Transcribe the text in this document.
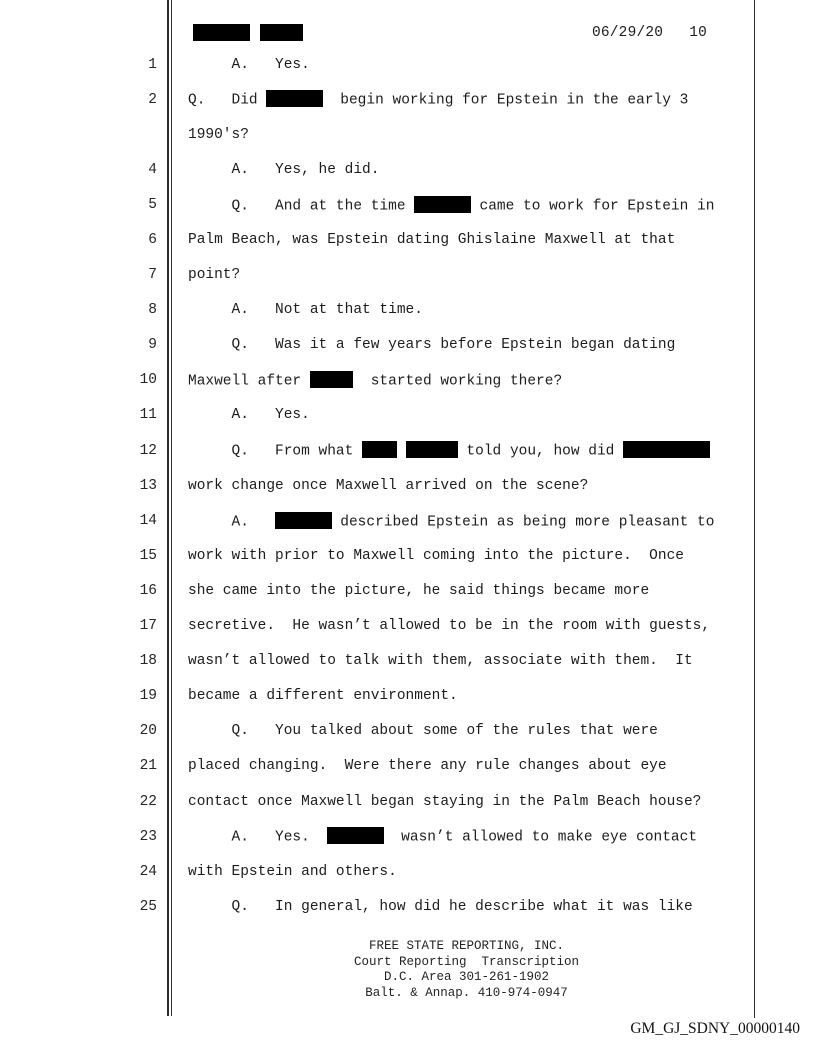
06/29/20 10
1 A.   Yes.
2 Q.   Did	begin working for Epstein in the early 3
1990's?
4 A.   Yes, he did.
5 Q.   And at the time	came to work for Epstein in
6 Palm Beach, was Epstein dating Ghislaine Maxwell at that
7 point?
8 A.   Not at that time.
9 Q.   Was it a few years before Epstein began dating
10 Maxwell after	started working there?
11 A.   Yes.
12 Q.   From what	told you, how did
13 work change once Maxwell arrived on the scene?
14 A.	described Epstein as being more pleasant to
15 work with prior to Maxwell coming into the picture.  Once
16 she came into the picture, he said things became more
17 secretive.  He wasn’t allowed to be in the room with guests,
18 wasn’t allowed to talk with them, associate with them.  It
19 became a different environment.
20 Q.   You talked about some of the rules that were
21 placed changing.  Were there any rule changes about eye
22 contact once Maxwell began staying in the Palm Beach house?
23 A.   Yes.	wasn’t allowed to make eye contact
24 with Epstein and others.
25 Q.   In general, how did he describe what it was like
FREE STATE REPORTING, INC.
Court Reporting  Transcription
D.C. Area 301-261-1902
Balt. & Annap. 410-974-0947
GM_GJ_SDNY_00000140
